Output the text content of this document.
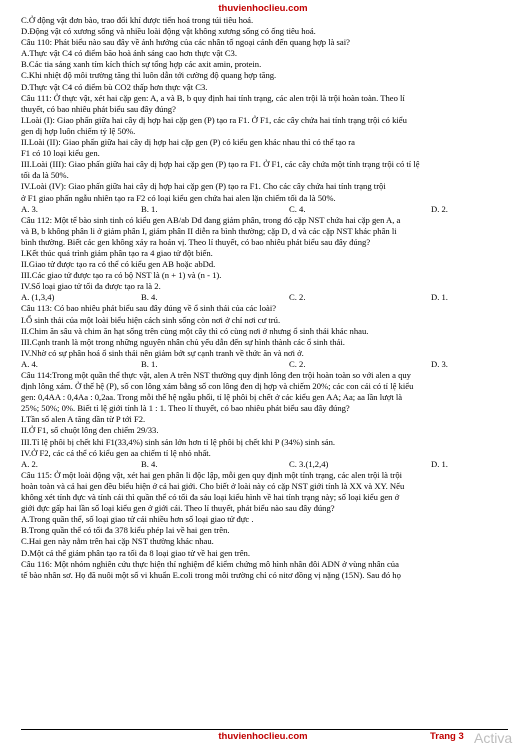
thuvienhoclieu.com
C.Ở động vật đơn bào, trao đổi khí được tiến hoá trong túi tiêu hoá.
D.Động vật có xương sống và nhiều loài động vật không xương sống có ống tiêu hoá.
Câu 110: Phát biểu nào sau đây về ảnh hưởng của các nhân tố ngoại cảnh đến quang hợp là sai?
A.Thực vật C4 có điểm bão hoà ánh sáng cao hơn thực vật C3.
B.Các tia sáng xanh tím kích thích sự tổng hợp các axit amin, protein.
C.Khi nhiệt độ môi trường tăng thì luôn dẫn tới cường độ quang hợp tăng.
D.Thực vật C4 có điểm bù CO2 thấp hơn thực vật C3.
Câu 111: Ở thực vật, xét hai cặp gen: A, a và B, b quy định hai tính trạng, các alen trội là trội hoàn toàn. Theo lí
thuyết, có bao nhiêu phát biểu sau đây đúng?
I.Loài (I): Giao phấn giữa hai cây dị hợp hai cặp gen (P) tạo ra F1. Ở F1, các cây chứa hai tính trạng trội có kiểu
gen dị hợp luôn chiếm tỷ lệ 50%.
II.Loài (II): Giao phấn giữa hai cây dị hợp hai cặp gen (P) có kiểu gen khác nhau thì có thể tạo ra
F1 có 10 loại kiểu gen.
III.Loài (III): Giao phấn giữa hai cây dị hợp hai cặp gen (P) tạo ra F1. Ở F1, các cây chứa một tính trạng trội có tỉ lệ
tối đa là 50%.
IV.Loài (IV): Giao phấn giữa hai cây dị hợp hai cặp gen (P) tạo ra F1. Cho các cây chứa hai tính trạng trội
ở F1 giao phấn ngẫu nhiên tạo ra F2 có loại kiểu gen chứa hai alen lặn chiếm tối đa là 50%.
A. 3.	B. 1.	C. 4.	D. 2.
Câu 112: Một tế bào sinh tinh có kiểu gen AB/ab Dd đang giảm phân, trong đó cặp NST chứa hai cặp gen A, a
và B, b không phân li ở giảm phân I, giảm phân II diễn ra bình thường; cặp D, d và các cặp NST khác phân li
bình thường. Biết các gen không xảy ra hoán vị. Theo lí thuyết, có bao nhiêu phát biểu sau đây đúng?
I.Kết thúc quá trình giảm phân tạo ra 4 giao tử đột biến.
II.Giao tử được tạo ra có thể có kiểu gen AB hoặc abDd.
III.Các giao tử được tạo ra có bộ NST là (n + 1) và (n - 1).
IV.Số loại giao tử tối đa được tạo ra là 2.
A. (1,3,4)	B. 4.	C. 2.	D. 1.
Câu 113: Có bao nhiêu phát biểu sau đây đúng về ổ sinh thái của các loài?
I.Ổ sinh thái của một loài biểu hiện cách sinh sống còn nơi ở chỉ nơi cư trú.
II.Chim ăn sâu và chim ăn hạt sống trên cùng một cây thì có cùng nơi ở nhưng ổ sinh thái khác nhau.
III.Cạnh tranh là một trong những nguyên nhân chủ yếu dẫn đến sự hình thành các ổ sinh thái.
IV.Nhờ có sự phân hoá ổ sinh thái nên giảm bớt sự cạnh tranh về thức ăn và nơi ở.
A. 4.	B. 1.	C. 2.	D. 3.
Câu 114:Trong một quần thể thực vật, alen A trên NST thường quy định lông đen trội hoàn toàn so với alen a quy
định lông xám. Ở thế hệ (P), số con lông xám bằng số con lông đen dị hợp và chiếm 20%; các con cái có tỉ lệ kiểu
gen: 0,4AA : 0,4Aa : 0,2aa. Trong mỗi thế hệ ngẫu phối, tỉ lệ phôi bị chết ở các kiểu gen AA; Aa; aa lần lượt là
25%; 50%; 0%. Biết tỉ lệ giới tính là 1 : 1. Theo lí thuyết, có bao nhiêu phát biểu sau đây đúng?
I.Tần số alen A tăng dần từ P tới F2.
II.Ở F1, số chuột lông đen chiếm 29/33.
III.Tỉ lệ phôi bị chết khi F1(33,4%) sinh sản lớn hơn tỉ lệ phôi bị chết khi P (34%) sinh sản.
IV.Ở F2, các cá thể có kiểu gen aa chiếm tỉ lệ nhỏ nhất.
A. 2.	B. 4.	C. 3.(1,2,4)	D. 1.
Câu 115: Ở một loài động vật, xét hai gen phân li độc lập, mỗi gen quy định một tính trạng, các alen trội là trội
hoàn toàn và cả hai gen đều biểu hiện ở cả hai giới. Cho biết ở loài này có cặp NST giới tính là XX và XY. Nếu
không xét tính đực và tính cái thì quần thể có tối đa sáu loại kiểu hình về hai tính trạng này; số loại kiểu gen ở
giới đực gấp hai lần số loại kiểu gen ở giới cái. Theo lí thuyết, phát biểu nào sau đây đúng?
A.Trong quần thể, số loại giao tử cái nhiều hơn số loại giao tử đực .
B.Trong quần thể có tối đa 378 kiểu phép lai về hai gen trên.
C.Hai gen này nằm trên hai cặp NST thường khác nhau.
D.Một cá thể giảm phân tạo ra tối đa 8 loại giao tử về hai gen trên.
Câu 116: Một nhóm nghiên cứu thực hiện thí nghiệm để kiểm chứng mô hình nhân đôi ADN ở vùng nhân của
tế bào nhân sơ. Họ đã nuôi một số vi khuẩn E.coli trong môi trường chỉ có nitơ đồng vị nặng (15N). Sau đó họ
thuvienhoclieu.com	Trang 3 Activa
